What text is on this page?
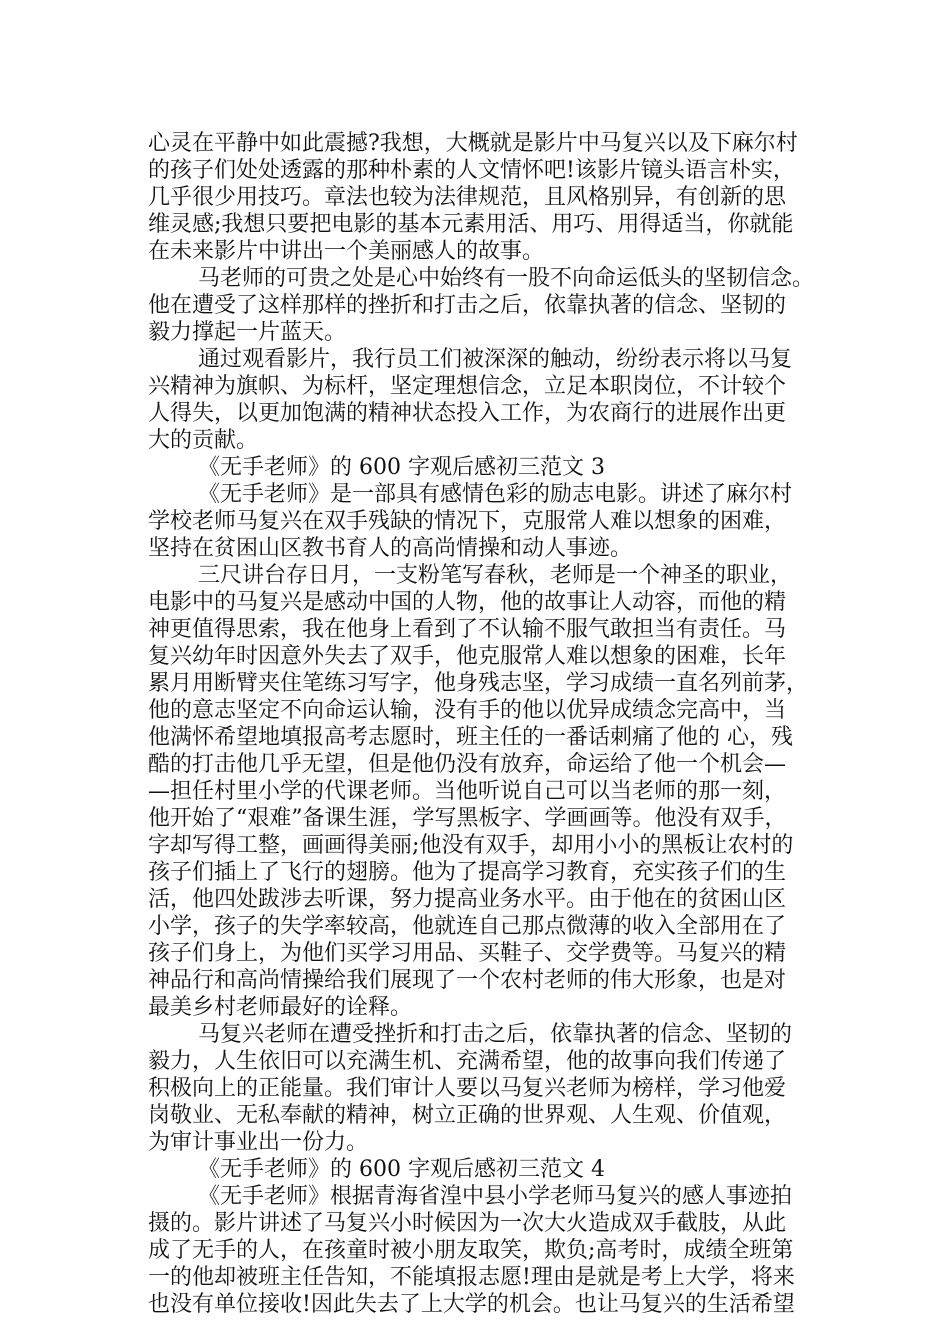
心灵在平静中如此震撼?我想，大概就是影片中马复兴以及下麻尔村
的孩子们处处透露的那种朴素的人文情怀吧!该影片镜头语言朴实，
几乎很少用技巧。章法也较为法律规范，且风格别异，有创新的思
维灵感;我想只要把电影的基本元素用活、用巧、用得适当，你就能
在未来影片中讲出一个美丽感人的故事。
马老师的可贵之处是心中始终有一股不向命运低头的坚韧信念。
他在遭受了这样那样的挫折和打击之后，依靠执著的信念、坚韧的
毅力撑起一片蓝天。
通过观看影片，我行员工们被深深的触动，纷纷表示将以马复
兴精神为旗帜、为标杆，坚定理想信念，立足本职岗位，不计较个
人得失，以更加饱满的精神状态投入工作，为农商行的进展作出更
大的贡献。
《无手老师》的 600 字观后感初三范文 3
《无手老师》是一部具有感情色彩的励志电影。讲述了麻尔村
学校老师马复兴在双手残缺的情况下，克服常人难以想象的困难，
坚持在贫困山区教书育人的高尚情操和动人事迹。
三尺讲台存日月，一支粉笔写春秋，老师是一个神圣的职业，
电影中的马复兴是感动中国的人物，他的故事让人动容，而他的精
神更值得思索，我在他身上看到了不认输不服气敢担当有责任。马
复兴幼年时因意外失去了双手，他克服常人难以想象的困难，长年
累月用断臂夹住笔练习写字，他身残志坚，学习成绩一直名列前茅，
他的意志坚定不向命运认输，没有手的他以优异成绩念完高中，当
他满怀希望地填报高考志愿时，班主任的一番话刺痛了他的 心，残
酷的打击他几乎无望，但是他仍没有放弃，命运给了他一个机会—
—担任村里小学的代课老师。当他听说自己可以当老师的那一刻，
他开始了“艰难”备课生涯，学写黑板字、学画画等。他没有双手，
字却写得工整，画画得美丽;他没有双手，却用小小的黑板让农村的
孩子们插上了飞行的翅膀。他为了提高学习教育，充实孩子们的生
活，他四处跋涉去听课，努力提高业务水平。由于他在的贫困山区
小学，孩子的失学率较高，他就连自己那点微薄的收入全部用在了
孩子们身上，为他们买学习用品、买鞋子、交学费等。马复兴的精
神品行和高尚情操给我们展现了一个农村老师的伟大形象，也是对
最美乡村老师最好的诠释。
马复兴老师在遭受挫折和打击之后，依靠执著的信念、坚韧的
毅力，人生依旧可以充满生机、充满希望，他的故事向我们传递了
积极向上的正能量。我们审计人要以马复兴老师为榜样，学习他爱
岗敬业、无私奉献的精神，树立正确的世界观、人生观、价值观，
为审计事业出一份力。
《无手老师》的 600 字观后感初三范文 4
《无手老师》根据青海省湟中县小学老师马复兴的感人事迹拍
摄的。影片讲述了马复兴小时候因为一次大火造成双手截肢，从此
成了无手的人，在孩童时被小朋友取笑，欺负;高考时，成绩全班第
一的他却被班主任告知，不能填报志愿!理由是就是考上大学，将来
也没有单位接收!因此失去了上大学的机会。也让马复兴的生活希望
